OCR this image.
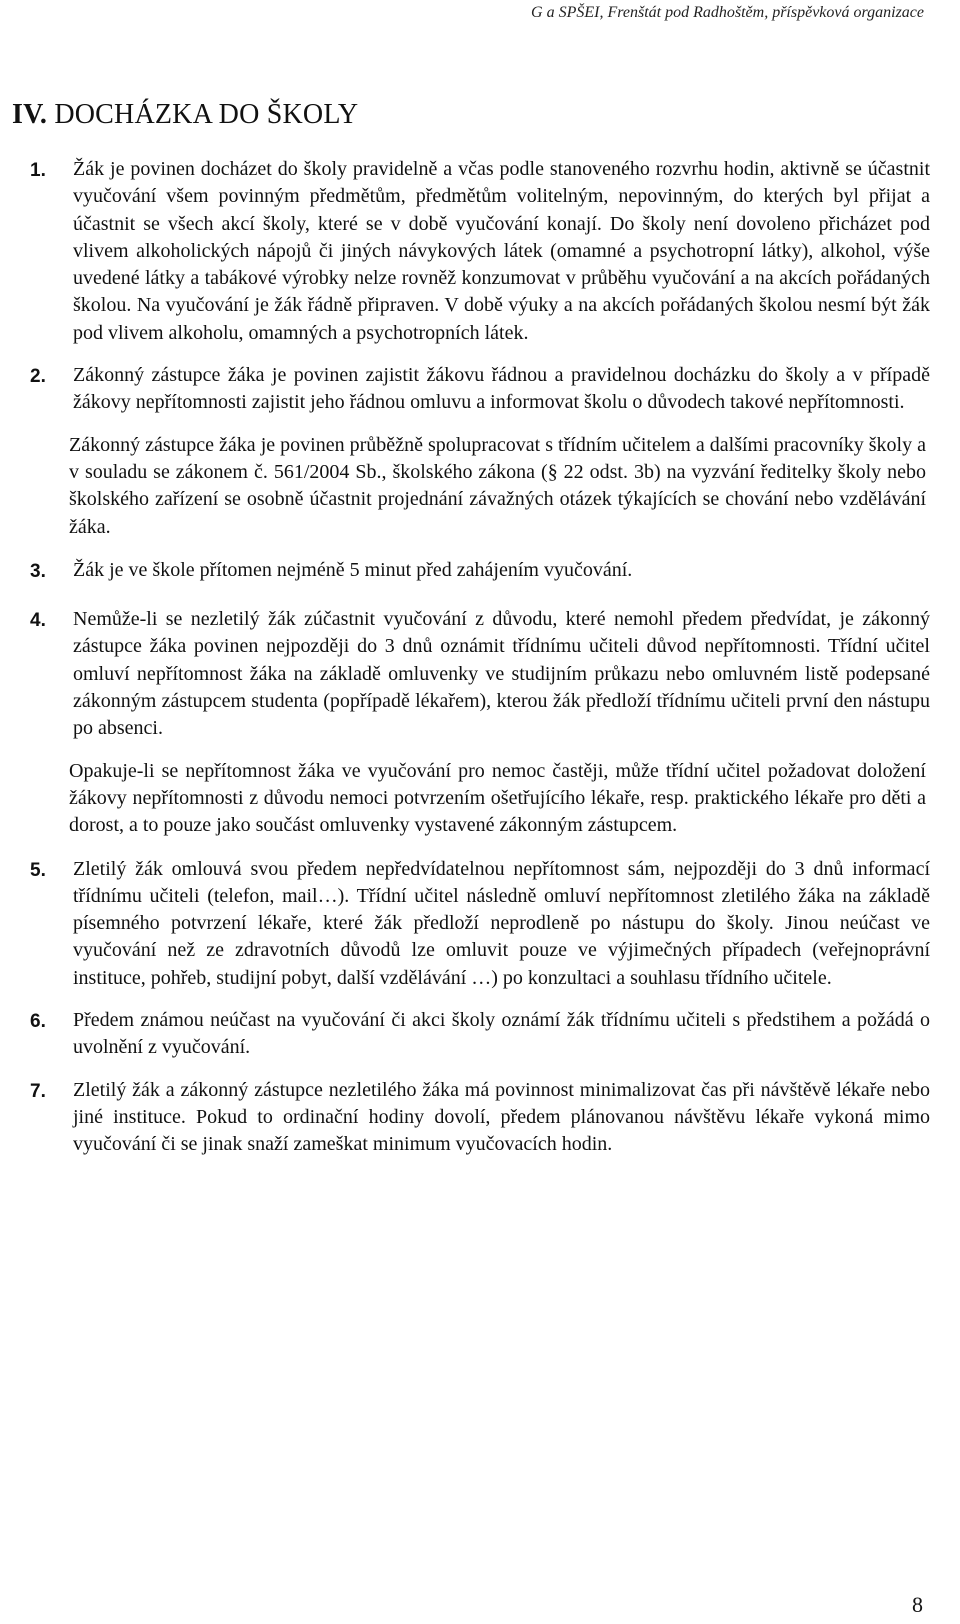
G a SPŠEI, Frenštát pod Radhoštěm, příspěvková organizace
IV. DOCHÁZKA DO ŠKOLY
1.	Žák je povinen docházet do školy pravidelně a včas podle stanoveného rozvrhu hodin, aktivně se účastnit vyučování všem povinným předmětům, předmětům volitelným, nepovinným, do kterých byl přijat a účastnit se všech akcí školy, které se v době vyučování konají. Do školy není dovoleno přicházet pod vlivem alkoholických nápojů či jiných návykových látek (omamné a psychotropní látky), alkohol, výše uvedené látky a tabákové výrobky nelze rovněž konzumovat v průběhu vyučování a na akcích pořádaných školou. Na vyučování je žák řádně připraven. V době výuky a na akcích pořádaných školou nesmí být žák pod vlivem alkoholu, omamných a psychotropních látek.

2.	Zákonný zástupce žáka je povinen zajistit žákovu řádnou a pravidelnou docházku do školy a v případě žákovy nepřítomnosti zajistit jeho řádnou omluvu a informovat školu o důvodech takové nepřítomnosti.

Zákonný zástupce žáka je povinen průběžně spolupracovat s třídním učitelem a dalšími pracovníky školy a v souladu se zákonem č. 561/2004 Sb., školského zákona (§ 22 odst. 3b) na vyzvání ředitelky školy nebo školského zařízení se osobně účastnit projednání závažných otázek týkajících se chování nebo vzdělávání žáka.

3.	Žák je ve škole přítomen nejméně 5 minut před zahájením vyučování.

4.	Nemůže-li se nezletilý žák zúčastnit vyučování z důvodu, které nemohl předem předvídat, je zákonný zástupce žáka povinen nejpozději do 3 dnů oznámit třídnímu učiteli důvod nepřítomnosti. Třídní učitel omluví nepřítomnost žáka na základě omluvenky ve studijním průkazu nebo omluvném listě podepsané zákonným zástupcem studenta (popřípadě lékařem), kterou žák předloží třídnímu učiteli první den nástupu po absenci.

Opakuje-li se nepřítomnost žáka ve vyučování pro nemoc častěji, může třídní učitel požadovat doložení žákovy nepřítomnosti z důvodu nemoci potvrzením ošetřujícího lékaře, resp. praktického lékaře pro děti a dorost, a to pouze jako součást omluvenky vystavené zákonným zástupcem.

5.	Zletilý žák omlouvá svou předem nepředvídatelnou nepřítomnost sám, nejpozději do 3 dnů informací třídnímu učiteli (telefon, mail…). Třídní učitel následně omluví nepřítomnost zletilého žáka na základě písemného potvrzení lékaře, které žák předloží neprodleně po nástupu do školy. Jinou neúčast ve vyučování než ze zdravotních důvodů lze omluvit pouze ve výjimečných případech (veřejnoprávní instituce, pohřeb, studijní pobyt, další vzdělávání …) po konzultaci a souhlasu třídního učitele.

6.	Předem známou neúčast na vyučování či akci školy oznámí žák třídnímu učiteli s předstihem a požádá o uvolnění z vyučování.

7.	Zletilý žák a zákonný zástupce nezletilého žáka má povinnost minimalizovat čas při návštěvě lékaře nebo jiné instituce. Pokud to ordinační hodiny dovolí, předem plánovanou návštěvu lékaře vykoná mimo vyučování či se jinak snaží zameškat minimum vyučovacích hodin.

8
